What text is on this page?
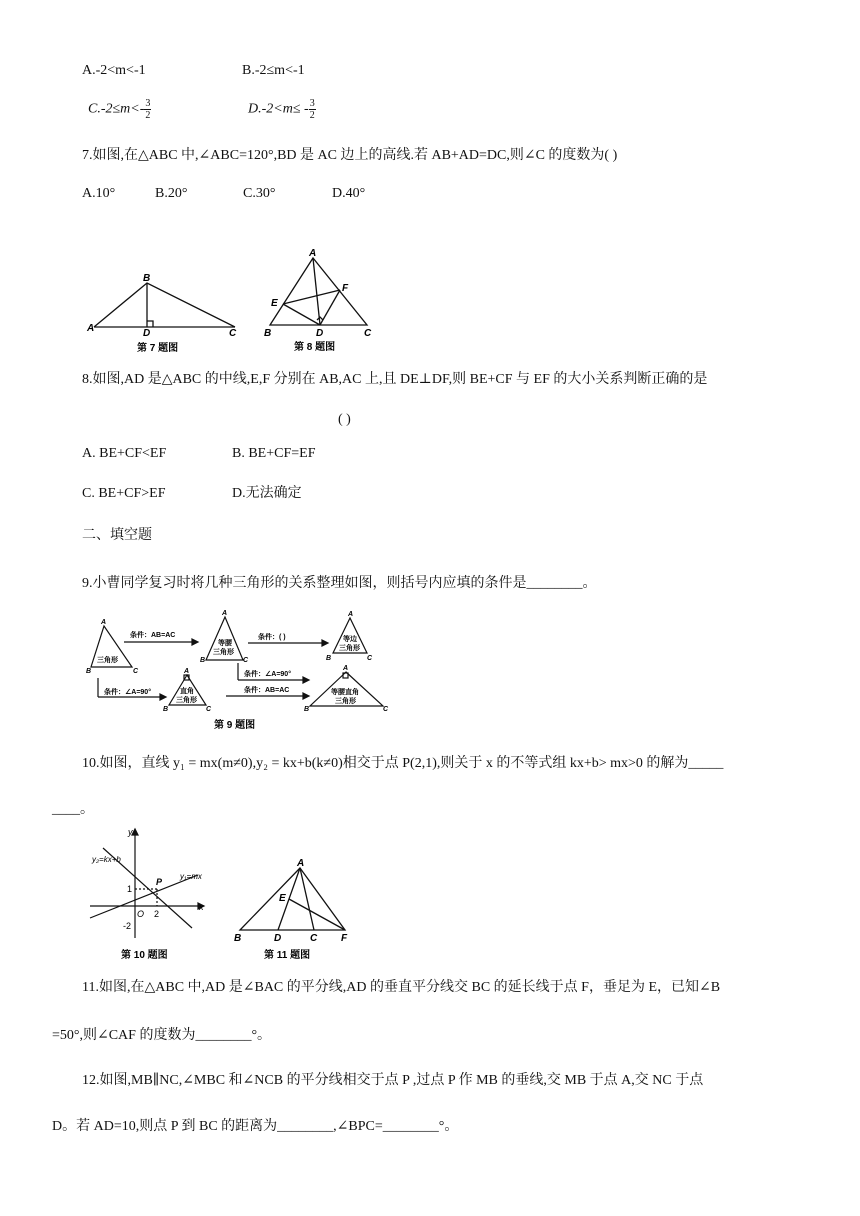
A.-2<m<-1	B.-2≤m<-1
$C.-2\le m<- \frac{3}{2}$	$D.-2<m\le - \frac{3}{2}$
7.如图,在△ABC 中,∠ABC=120°,BD 是 AC 边上的高线.若 AB+AD=DC,则∠C 的度数为( )
A.10°	B.20°	C.30°	D.40°
A
B
D	C
第 7 题图
A
E
F
B	D	C
第 8 题图
8.如图,AD 是△ABC 的中线,E,F 分别在 AB,AC 上,且 DE⊥DF,则 BE+CF 与 EF 的大小关系判断正确的是
( )
A. BE+CF<EF	B. BE+CF=EF
C. BE+CF>EF	D.无法确定
二、填空题
9.小曹同学复习时将几种三角形的关系整理如图，则括号内应填的条件是________。
条件：AB=AC	条件：( )
条件：∠A=90°
条件：AB=AC
条件：∠A=90°
三角形
等腰
三角形
等边
三角形
直角
三角形
等腰直角
三角形
A
B	C
A
B	C
A
B	C
A
B	C
A
B	C
第 9 题图
10.如图，直线 y₁ = mx(m≠0),y₂ = kx+b(k≠0)相交于点 P(2,1),则关于 x 的不等式组 kx+b> mx>0 的解为_____
____。
y
x
y₂=kx+b
y₁=mx
P
1
O 2
-2
第 10 题图
A
E
B	D	C F
第 11 题图
11.如图,在△ABC 中,AD 是∠BAC 的平分线,AD 的垂直平分线交 BC 的延长线于点 F，垂足为 E，已知∠B
=50°,则∠CAF 的度数为________°。
12.如图,MB∥NC,∠MBC 和∠NCB 的平分线相交于点 P ,过点 P 作 MB 的垂线,交 MB 于点 A,交 NC 于点
D。若 AD=10,则点 P 到 BC 的距离为________,∠BPC=________°。
